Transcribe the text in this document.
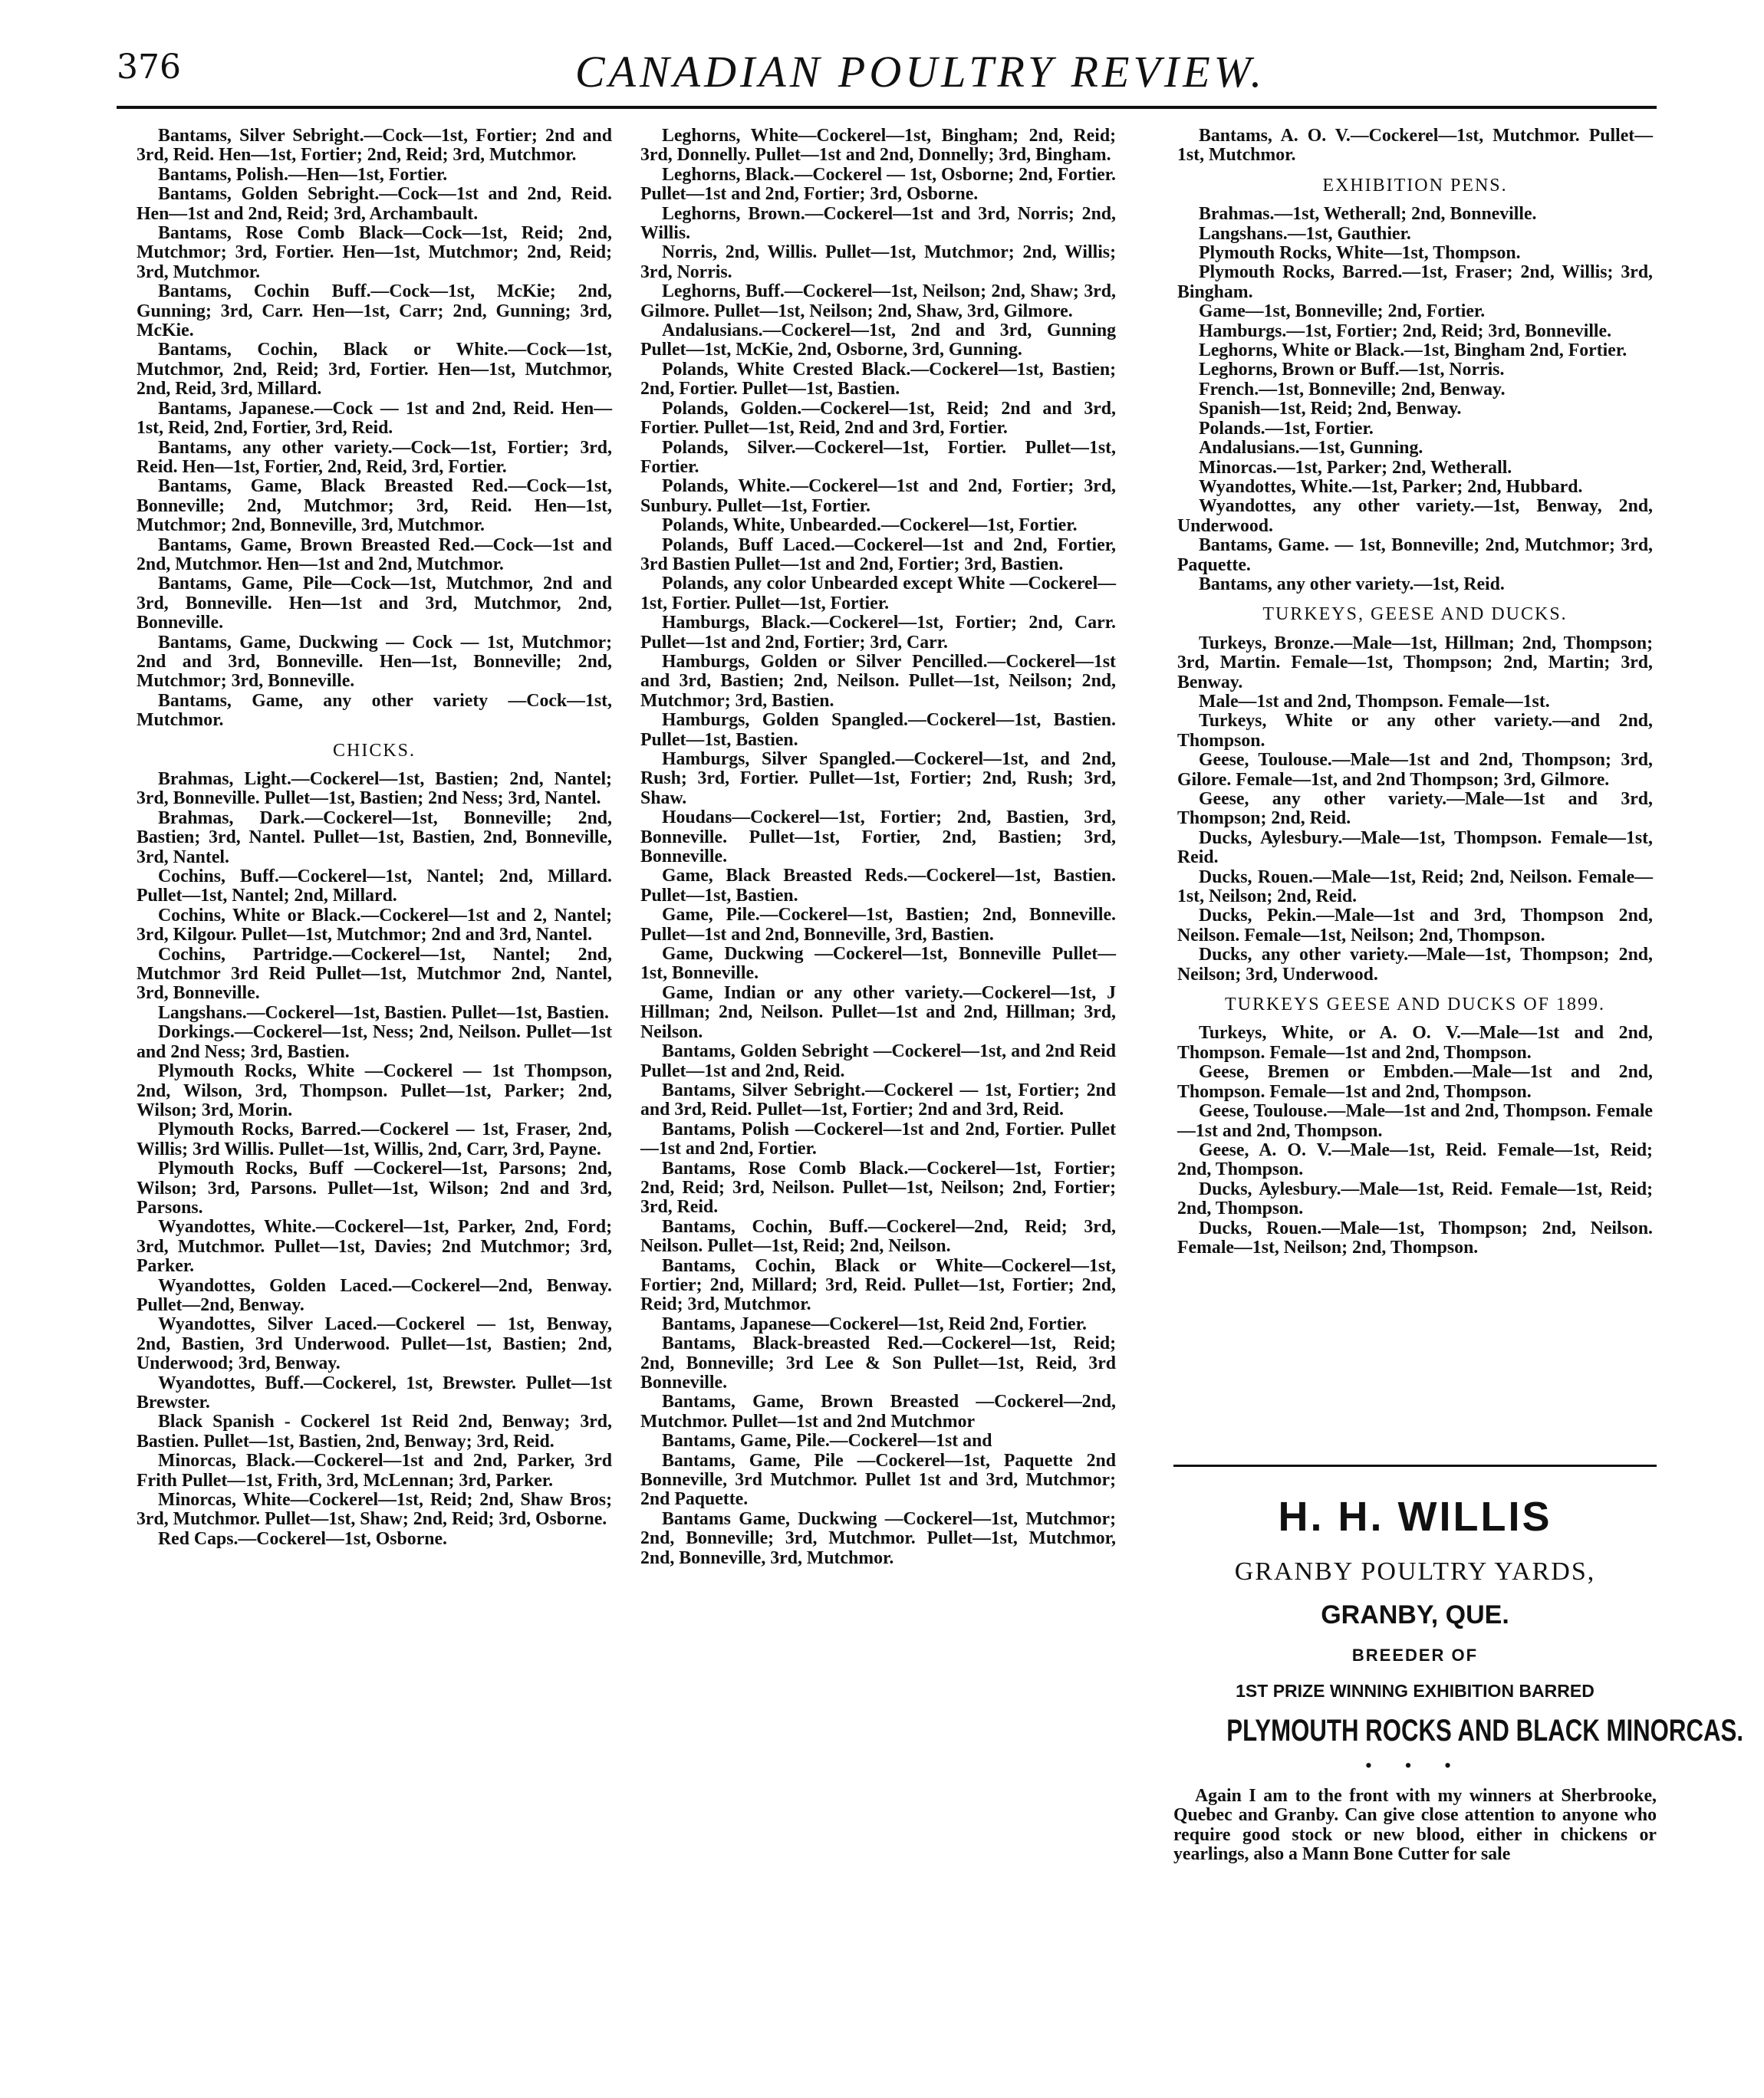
376	CANADIAN POULTRY REVIEW.

Bantams, Silver Sebright.—Cock—1st, Fortier; 2nd and 3rd, Reid. Hen—1st, Fortier; 2nd, Reid; 3rd, Mutchmor.

Bantams, Polish.—Hen—1st, Fortier.

Bantams, Golden Sebright.—Cock—1st and 2nd, Reid. Hen—1st and 2nd, Reid; 3rd, Archambault.

Bantams, Rose Comb Black—Cock—1st, Reid; 2nd, Mutchmor; 3rd, Fortier. Hen—1st, Mutchmor; 2nd, Reid; 3rd, Mutchmor.

Bantams, Cochin Buff.—Cock—1st, McKie; 2nd, Gunning; 3rd, Carr. Hen—1st, Carr; 2nd, Gunning; 3rd, McKie.

Bantams, Cochin, Black or White.—Cock—1st, Mutchmor, 2nd, Reid; 3rd, Fortier. Hen—1st, Mutchmor, 2nd, Reid, 3rd, Millard.

Bantams, Japanese.—Cock — 1st and 2nd, Reid. Hen—1st, Reid, 2nd, Fortier, 3rd, Reid.

Bantams, any other variety.—Cock—1st, Fortier; 3rd, Reid. Hen—1st, Fortier, 2nd, Reid, 3rd, Fortier.

Bantams, Game, Black Breasted Red.—Cock—1st, Bonneville; 2nd, Mutchmor; 3rd, Reid. Hen—1st, Mutchmor; 2nd, Bonneville, 3rd, Mutchmor.

Bantams, Game, Brown Breasted Red.—Cock—1st and 2nd, Mutchmor. Hen—1st and 2nd, Mutchmor.

Bantams, Game, Pile—Cock—1st, Mutchmor, 2nd and 3rd, Bonneville. Hen—1st and 3rd, Mutchmor, 2nd, Bonneville.

Bantams, Game, Duckwing — Cock — 1st, Mutchmor; 2nd and 3rd, Bonneville. Hen—1st, Bonneville; 2nd, Mutchmor; 3rd, Bonneville.

Bantams, Game, any other variety —Cock—1st, Mutchmor.

CHICKS.

Brahmas, Light.—Cockerel—1st, Bastien; 2nd, Nantel; 3rd, Bonneville. Pullet—1st, Bastien; 2nd Ness; 3rd, Nantel.

Brahmas, Dark.—Cockerel—1st, Bonneville; 2nd, Bastien; 3rd, Nantel. Pullet—1st, Bastien, 2nd, Bonneville, 3rd, Nantel.

Cochins, Buff.—Cockerel—1st, Nantel; 2nd, Millard. Pullet—1st, Nantel; 2nd, Millard.

Cochins, White or Black.—Cockerel—1st and 2, Nantel; 3rd, Kilgour. Pullet—1st, Mutchmor; 2nd and 3rd, Nantel.

Cochins, Partridge.—Cockerel—1st, Nantel; 2nd, Mutchmor 3rd Reid Pullet—1st, Mutchmor 2nd, Nantel, 3rd, Bonneville.

Langshans.—Cockerel—1st, Bastien. Pullet—1st, Bastien.

Dorkings.—Cockerel—1st, Ness; 2nd, Neilson. Pullet—1st and 2nd Ness; 3rd, Bastien.

Plymouth Rocks, White —Cockerel — 1st Thompson, 2nd, Wilson, 3rd, Thompson. Pullet—1st, Parker; 2nd, Wilson; 3rd, Morin.

Plymouth Rocks, Barred.—Cockerel — 1st, Fraser, 2nd, Willis; 3rd Willis. Pullet—1st, Willis, 2nd, Carr, 3rd, Payne.

Plymouth Rocks, Buff —Cockerel—1st, Parsons; 2nd, Wilson; 3rd, Parsons. Pullet—1st, Wilson; 2nd and 3rd, Parsons.

Wyandottes, White.—Cockerel—1st, Parker, 2nd, Ford; 3rd, Mutchmor. Pullet—1st, Davies; 2nd Mutchmor; 3rd, Parker.

Wyandottes, Golden Laced.—Cockerel—2nd, Benway. Pullet—2nd, Benway.

Wyandottes, Silver Laced.—Cockerel — 1st, Benway, 2nd, Bastien, 3rd Underwood. Pullet—1st, Bastien; 2nd, Underwood; 3rd, Benway.

Wyandottes, Buff.—Cockerel, 1st, Brewster. Pullet—1st Brewster.

Black Spanish - Cockerel 1st Reid 2nd, Benway; 3rd, Bastien. Pullet—1st, Bastien, 2nd, Benway; 3rd, Reid.

Minorcas, Black.—Cockerel—1st and 2nd, Parker, 3rd Frith Pullet—1st, Frith, 3rd, McLennan; 3rd, Parker.

Minorcas, White—Cockerel—1st, Reid; 2nd, Shaw Bros; 3rd, Mutchmor. Pullet—1st, Shaw; 2nd, Reid; 3rd, Osborne.

Red Caps.—Cockerel—1st, Osborne.

Leghorns, White—Cockerel—1st, Bingham; 2nd, Reid; 3rd, Donnelly. Pullet—1st and 2nd, Donnelly; 3rd, Bingham.

Leghorns, Black.—Cockerel — 1st, Osborne; 2nd, Fortier. Pullet—1st and 2nd, Fortier; 3rd, Osborne.

Leghorns, Brown.—Cockerel—1st and 3rd, Norris; 2nd, Willis.

Norris, 2nd, Willis. Pullet—1st, Mutchmor; 2nd, Willis; 3rd, Norris.

Leghorns, Buff.—Cockerel—1st, Neilson; 2nd, Shaw; 3rd, Gilmore. Pullet—1st, Neilson; 2nd, Shaw, 3rd, Gilmore.

Andalusians.—Cockerel—1st, 2nd and 3rd, Gunning Pullet—1st, McKie, 2nd, Osborne, 3rd, Gunning.

Polands, White Crested Black.—Cockerel—1st, Bastien; 2nd, Fortier. Pullet—1st, Bastien.

Polands, Golden.—Cockerel—1st, Reid; 2nd and 3rd, Fortier. Pullet—1st, Reid, 2nd and 3rd, Fortier.

Polands, Silver.—Cockerel—1st, Fortier. Pullet—1st, Fortier.

Polands, White.—Cockerel—1st and 2nd, Fortier; 3rd, Sunbury. Pullet—1st, Fortier.

Polands, White, Unbearded.—Cockerel—1st, Fortier.

Polands, Buff Laced.—Cockerel—1st and 2nd, Fortier, 3rd Bastien Pullet—1st and 2nd, Fortier; 3rd, Bastien.

Polands, any color Unbearded except White —Cockerel—1st, Fortier. Pullet—1st, Fortier.

Hamburgs, Black.—Cockerel—1st, Fortier; 2nd, Carr. Pullet—1st and 2nd, Fortier; 3rd, Carr.

Hamburgs, Golden or Silver Pencilled.—Cockerel—1st and 3rd, Bastien; 2nd, Neilson. Pullet—1st, Neilson; 2nd, Mutchmor; 3rd, Bastien.

Hamburgs, Golden Spangled.—Cockerel—1st, Bastien. Pullet—1st, Bastien.

Hamburgs, Silver Spangled.—Cockerel—1st, and 2nd, Rush; 3rd, Fortier. Pullet—1st, Fortier; 2nd, Rush; 3rd, Shaw.

Houdans—Cockerel—1st, Fortier; 2nd, Bastien, 3rd, Bonneville. Pullet—1st, Fortier, 2nd, Bastien; 3rd, Bonneville.

Game, Black Breasted Reds.—Cockerel—1st, Bastien. Pullet—1st, Bastien.

Game, Pile.—Cockerel—1st, Bastien; 2nd, Bonneville. Pullet—1st and 2nd, Bonneville, 3rd, Bastien.

Game, Duckwing —Cockerel—1st, Bonneville Pullet—1st, Bonneville.

Game, Indian or any other variety.—Cockerel—1st, J Hillman; 2nd, Neilson. Pullet—1st and 2nd, Hillman; 3rd, Neilson.

Bantams, Golden Sebright —Cockerel—1st, and 2nd Reid Pullet—1st and 2nd, Reid.

Bantams, Silver Sebright.—Cockerel — 1st, Fortier; 2nd and 3rd, Reid. Pullet—1st, Fortier; 2nd and 3rd, Reid.

Bantams, Polish —Cockerel—1st and 2nd, Fortier. Pullet—1st and 2nd, Fortier.

Bantams, Rose Comb Black.—Cockerel—1st, Fortier; 2nd, Reid; 3rd, Neilson. Pullet—1st, Neilson; 2nd, Fortier; 3rd, Reid.

Bantams, Cochin, Buff.—Cockerel—2nd, Reid; 3rd, Neilson. Pullet—1st, Reid; 2nd, Neilson.

Bantams, Cochin, Black or White—Cockerel—1st, Fortier; 2nd, Millard; 3rd, Reid. Pullet—1st, Fortier; 2nd, Reid; 3rd, Mutchmor.

Bantams, Japanese—Cockerel—1st, Reid 2nd, Fortier.

Bantams, Black-breasted Red.—Cockerel—1st, Reid; 2nd, Bonneville; 3rd Lee & Son Pullet—1st, Reid, 3rd Bonneville.

Bantams, Game, Brown Breasted —Cockerel—2nd, Mutchmor. Pullet—1st and 2nd Mutchmor

Bantams, Game, Pile.—Cockerel—1st and

Bantams, Game, Pile —Cockerel—1st, Paquette 2nd Bonneville, 3rd Mutchmor. Pullet 1st and 3rd, Mutchmor; 2nd Paquette.

Bantams Game, Duckwing —Cockerel—1st, Mutchmor; 2nd, Bonneville; 3rd, Mutchmor. Pullet—1st, Mutchmor, 2nd, Bonneville, 3rd, Mutchmor.

Bantams, A. O. V.—Cockerel—1st, Mutchmor. Pullet—1st, Mutchmor.

EXHIBITION PENS.

Brahmas.—1st, Wetherall; 2nd, Bonneville.

Langshans.—1st, Gauthier.

Plymouth Rocks, White—1st, Thompson.

Plymouth Rocks, Barred.—1st, Fraser; 2nd, Willis; 3rd, Bingham.

Game—1st, Bonneville; 2nd, Fortier.

Hamburgs.—1st, Fortier; 2nd, Reid; 3rd, Bonneville.

Leghorns, White or Black.—1st, Bingham 2nd, Fortier.

Leghorns, Brown or Buff.—1st, Norris.

French.—1st, Bonneville; 2nd, Benway.

Spanish—1st, Reid; 2nd, Benway.

Polands.—1st, Fortier.

Andalusians.—1st, Gunning.

Minorcas.—1st, Parker; 2nd, Wetherall.

Wyandottes, White.—1st, Parker; 2nd, Hubbard.

Wyandottes, any other variety.—1st, Benway, 2nd, Underwood.

Bantams, Game. — 1st, Bonneville; 2nd, Mutchmor; 3rd, Paquette.

Bantams, any other variety.—1st, Reid.

TURKEYS, GEESE AND DUCKS.

Turkeys, Bronze.—Male—1st, Hillman; 2nd, Thompson; 3rd, Martin. Female—1st, Thompson; 2nd, Martin; 3rd, Benway.

Male—1st and 2nd, Thompson. Female—1st.

Turkeys, White or any other variety.—and 2nd, Thompson.

Geese, Toulouse.—Male—1st and 2nd, Thompson; 3rd, Gilore. Female—1st, and 2nd Thompson; 3rd, Gilmore.

Geese, any other variety.—Male—1st and 3rd, Thompson; 2nd, Reid.

Ducks, Aylesbury.—Male—1st, Thompson. Female—1st, Reid.

Ducks, Rouen.—Male—1st, Reid; 2nd, Neilson. Female—1st, Neilson; 2nd, Reid.

Ducks, Pekin.—Male—1st and 3rd, Thompson 2nd, Neilson. Female—1st, Neilson; 2nd, Thompson.

Ducks, any other variety.—Male—1st, Thompson; 2nd, Neilson; 3rd, Underwood.

TURKEYS GEESE AND DUCKS OF 1899.

Turkeys, White, or A. O. V.—Male—1st and 2nd, Thompson. Female—1st and 2nd, Thompson.

Geese, Bremen or Embden.—Male—1st and 2nd, Thompson. Female—1st and 2nd, Thompson.

Geese, Toulouse.—Male—1st and 2nd, Thompson. Female—1st and 2nd, Thompson.

Geese, A. O. V.—Male—1st, Reid. Female—1st, Reid; 2nd, Thompson.

Ducks, Aylesbury.—Male—1st, Reid. Female—1st, Reid; 2nd, Thompson.

Ducks, Rouen.—Male—1st, Thompson; 2nd, Neilson. Female—1st, Neilson; 2nd, Thompson.

H. H. WILLIS
GRANBY POULTRY YARDS,
GRANBY, QUE.
BREEDER OF
1ST PRIZE WINNING EXHIBITION BARRED
PLYMOUTH ROCKS AND BLACK MINORCAS.
• • •

Again I am to the front with my winners at Sherbrooke, Quebec and Granby. Can give close attention to anyone who require good stock or new blood, either in chickens or yearlings, also a Mann Bone Cutter for sale
